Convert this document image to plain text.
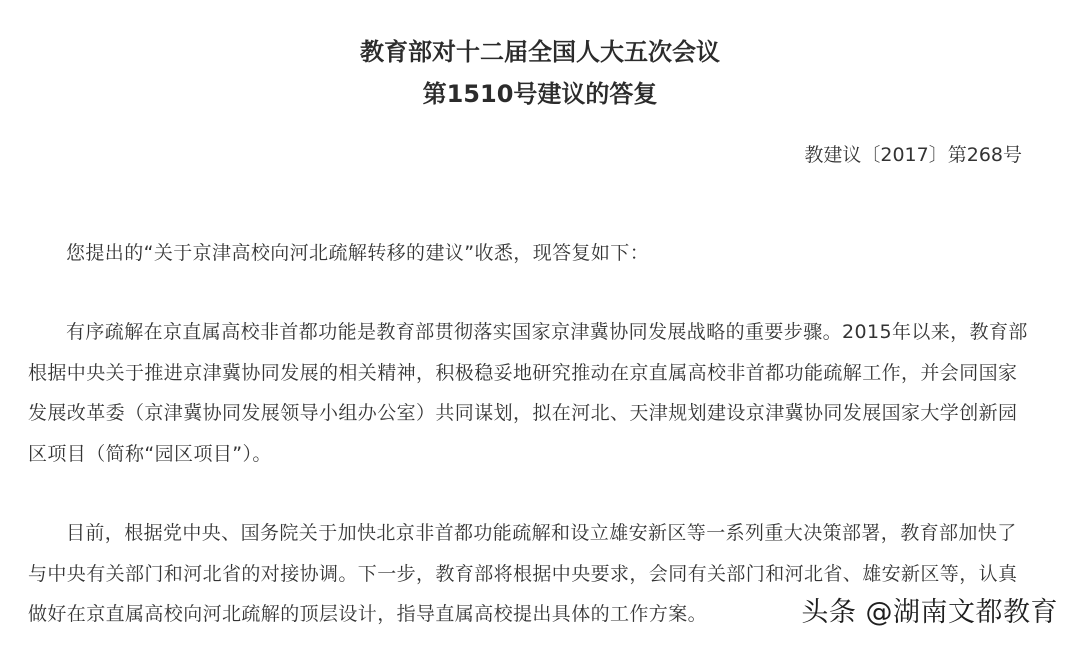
教育部对十二届全国人大五次会议
第1510号建议的答复
教建议〔2017〕第268号

您提出的“关于京津高校向河北疏解转移的建议”收悉，现答复如下：

有序疏解在京直属高校非首都功能是教育部贯彻落实国家京津冀协同发展战略的重要步骤。2015年以来，教育部根据中央关于推进京津冀协同发展的相关精神，积极稳妥地研究推动在京直属高校非首都功能疏解工作，并会同国家发展改革委（京津冀协同发展领导小组办公室）共同谋划，拟在河北、天津规划建设京津冀协同发展国家大学创新园区项目（简称“园区项目”）。

目前，根据党中央、国务院关于加快北京非首都功能疏解和设立雄安新区等一系列重大决策部署，教育部加快了与中央有关部门和河北省的对接协调。下一步，教育部将根据中央要求，会同有关部门和河北省、雄安新区等，认真做好在京直属高校向河北疏解的顶层设计，指导直属高校提出具体的工作方案。	头条 @湖南文都教育
